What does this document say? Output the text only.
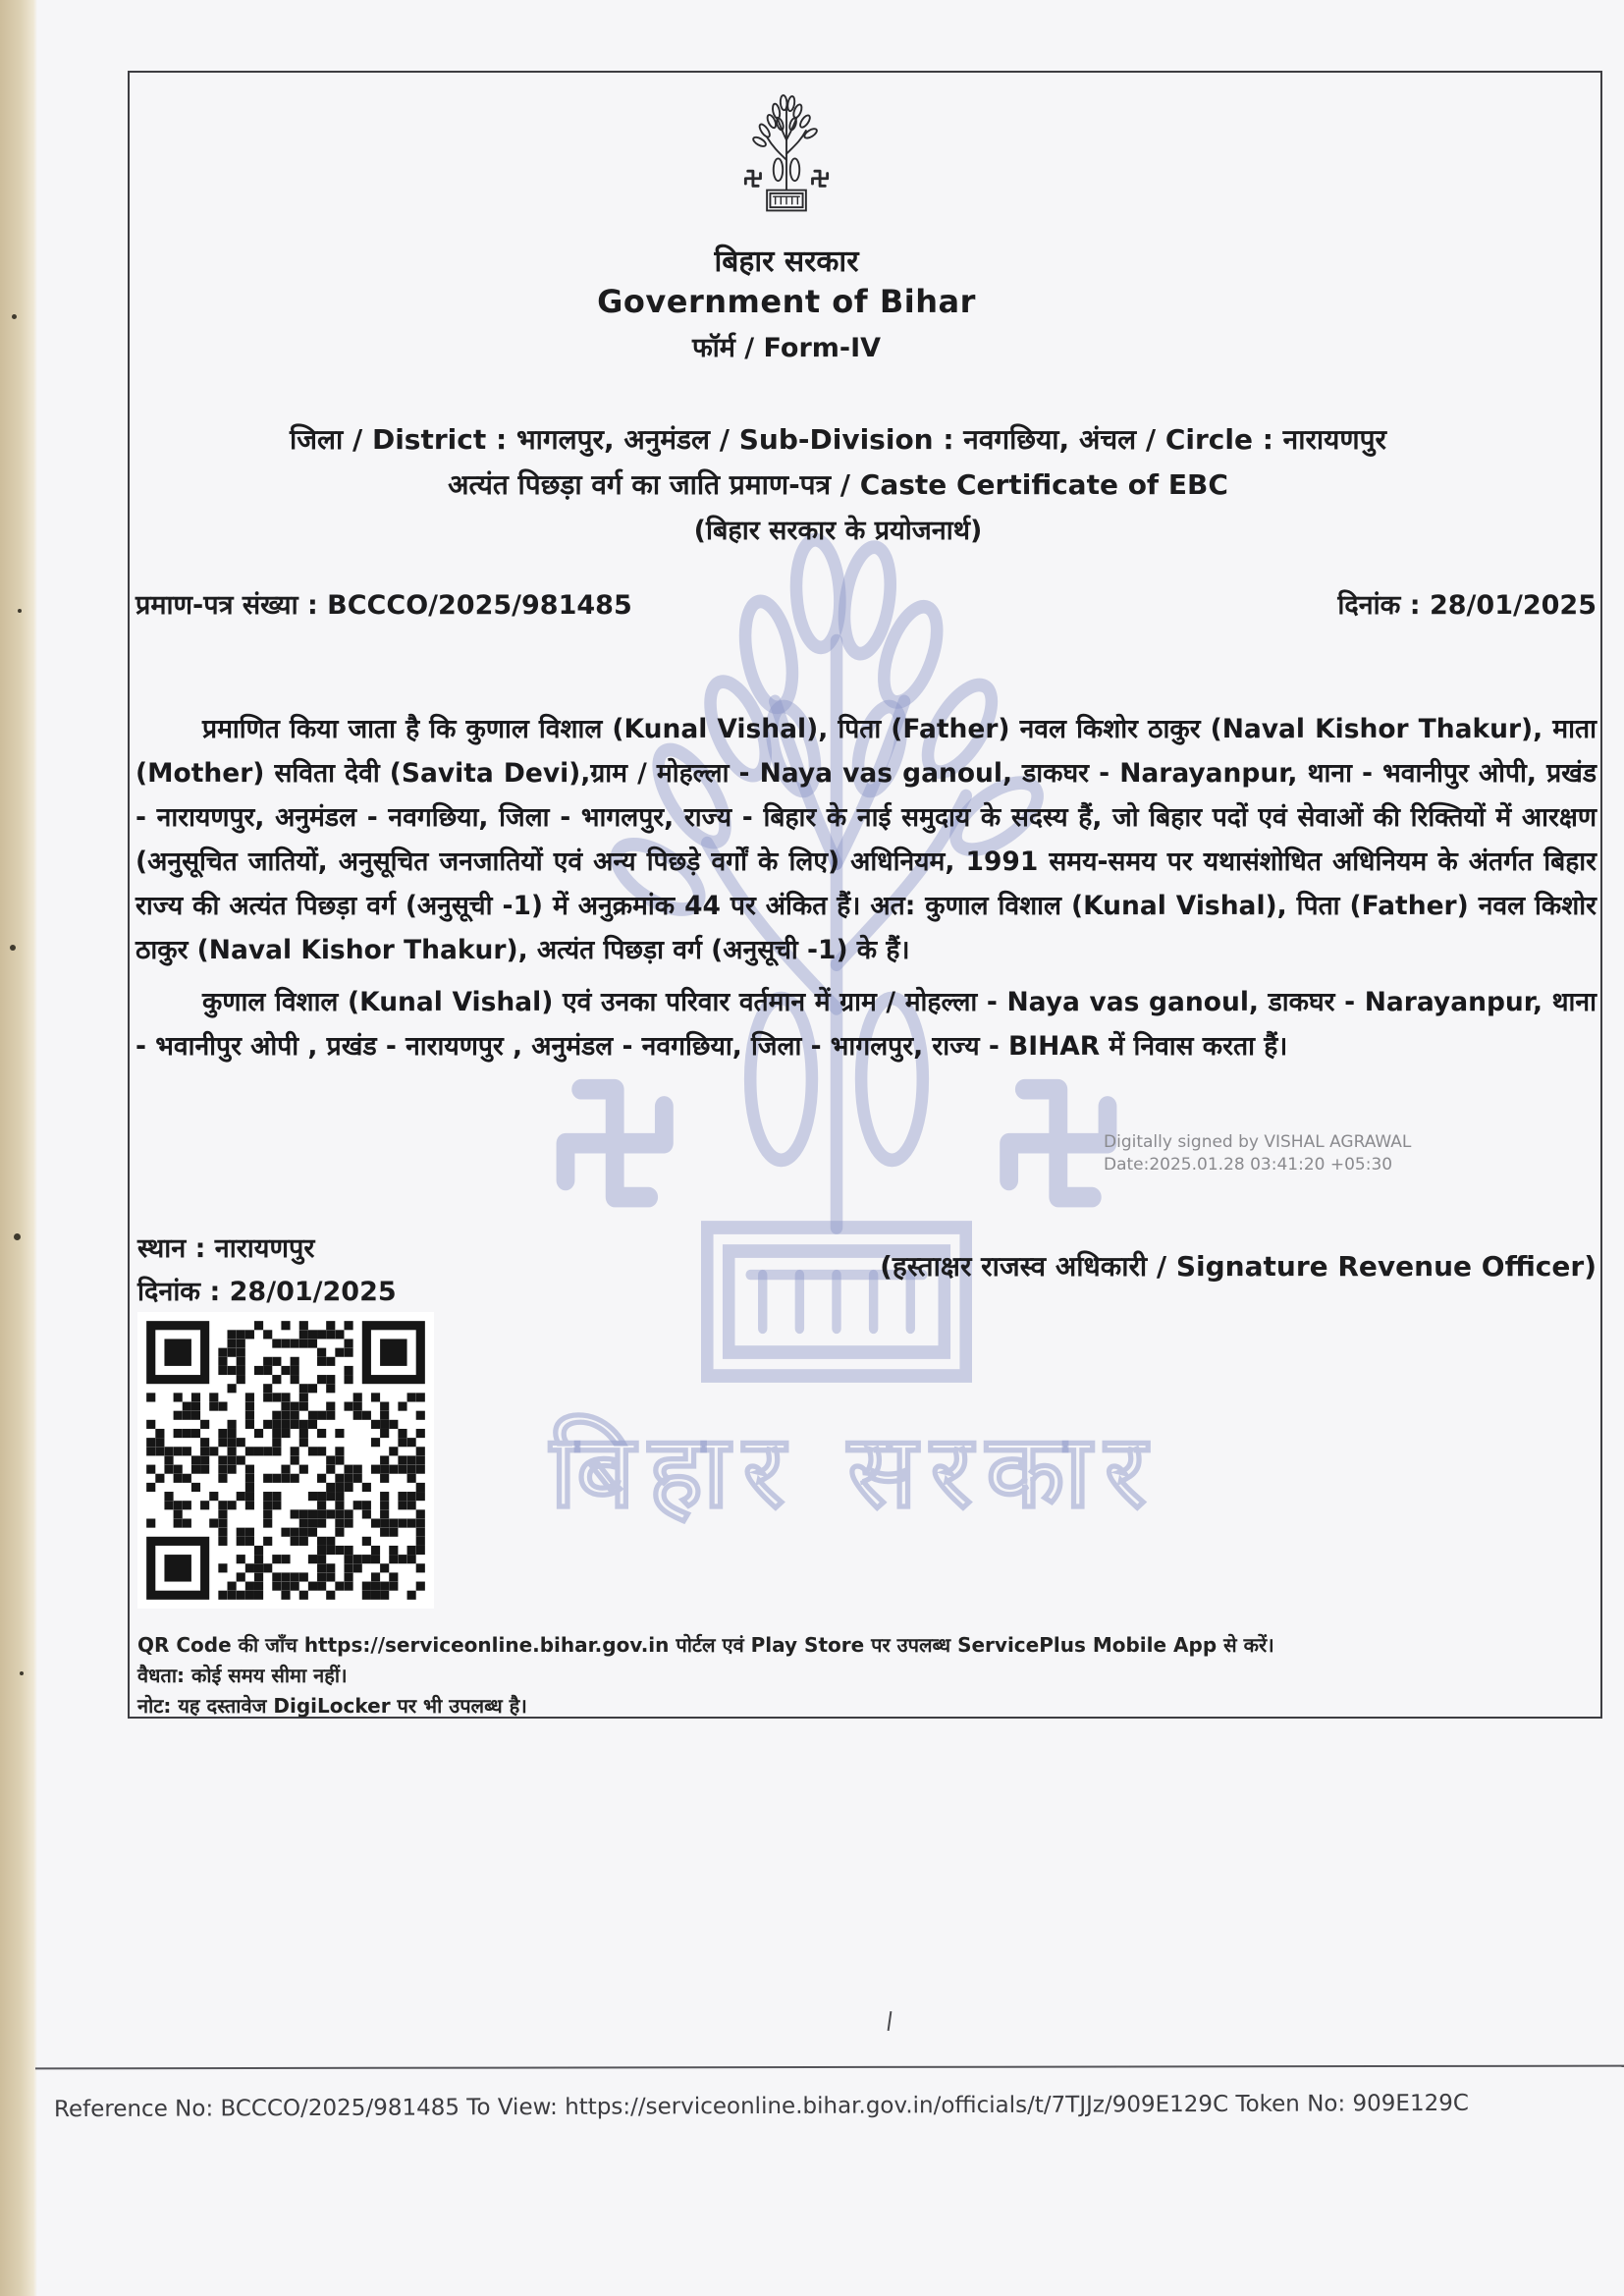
बिहार सरकार
बिहार सरकार
Government of Bihar
फॉर्म / Form-IV
जिला / District : भागलपुर, अनुमंडल / Sub-Division : नवगछिया, अंचल / Circle : नारायणपुर
अत्यंत पिछड़ा वर्ग का जाति प्रमाण-पत्र / Caste Certificate of EBC
(बिहार सरकार के प्रयोजनार्थ)
प्रमाण-पत्र संख्या : BCCCO/2025/981485	दिनांक : 28/01/2025
प्रमाणित किया जाता है कि कुणाल विशाल (Kunal Vishal), पिता (Father) नवल किशोर ठाकुर (Naval Kishor Thakur), माता (Mother) सविता देवी (Savita Devi),ग्राम / मोहल्ला - Naya vas ganoul, डाकघर - Narayanpur, थाना - भवानीपुर ओपी, प्रखंड - नारायणपुर, अनुमंडल - नवगछिया, जिला - भागलपुर, राज्य - बिहार के नाई समुदाय के सदस्य हैं, जो बिहार पदों एवं सेवाओं की रिक्तियों में आरक्षण (अनुसूचित जातियों, अनुसूचित जनजातियों एवं अन्य पिछड़े वर्गों के लिए) अधिनियम, 1991 समय-समय पर यथासंशोधित अधिनियम के अंतर्गत बिहार राज्य की अत्यंत पिछड़ा वर्ग (अनुसूची -1) में अनुक्रमांक 44 पर अंकित हैं। अत: कुणाल विशाल (Kunal Vishal), पिता (Father) नवल किशोर ठाकुर (Naval Kishor Thakur), अत्यंत पिछड़ा वर्ग (अनुसूची -1) के हैं।
कुणाल विशाल (Kunal Vishal) एवं उनका परिवार वर्तमान में ग्राम / मोहल्ला - Naya vas ganoul, डाकघर - Narayanpur, थाना - भवानीपुर ओपी , प्रखंड - नारायणपुर , अनुमंडल - नवगछिया, जिला - भागलपुर, राज्य - BIHAR में निवास करता हैं।
Digitally signed by VISHAL AGRAWAL
Date:2025.01.28 03:41:20 +05:30
स्थान : नारायणपुर
दिनांक : 28/01/2025
(हस्ताक्षर राजस्व अधिकारी / Signature Revenue Officer)
QR Code की जाँच https://serviceonline.bihar.gov.in पोर्टल एवं Play Store पर उपलब्ध ServicePlus Mobile App से करें।
वैधता: कोई समय सीमा नहीं।
नोट: यह दस्तावेज DigiLocker पर भी उपलब्ध है।
Reference No: BCCCO/2025/981485 To View: https://serviceonline.bihar.gov.in/officials/t/7TJJz/909E129C Token No: 909E129C
